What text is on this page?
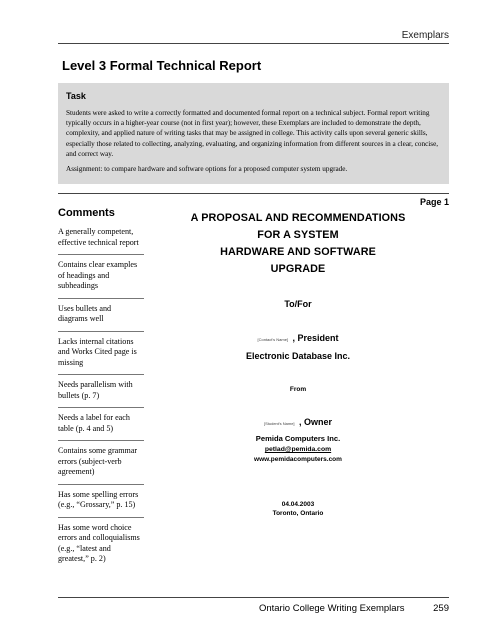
Exemplars
Level 3 Formal Technical Report
Task

Students were asked to write a correctly formatted and documented formal report on a technical subject. Formal report writing typically occurs in a higher-year course (not in first year); however, these Exemplars are included to demonstrate the depth, complexity, and applied nature of writing tasks that may be assigned in college. This activity calls upon several generic skills, especially those related to collecting, analyzing, evaluating, and organizing information from different sources in a clear, concise, and correct way.

Assignment: to compare hardware and software options for a proposed computer system upgrade.

Page 1
Comments

A generally competent, effective technical report

Contains clear examples of headings and subheadings

Uses bullets and diagrams well

Lacks internal citations and Works Cited page is missing

Needs parallelism with bullets (p. 7)

Needs a label for each table (p. 4 and 5)

Contains some grammar errors (subject-verb agreement)

Has some spelling errors (e.g., “Grossary,” p. 15)

Has some word choice errors and colloquialisms (e.g., “latest and greatest,” p. 2)

A PROPOSAL AND RECOMMENDATIONS
FOR A SYSTEM
HARDWARE AND SOFTWARE
UPGRADE
To/For
[Contact's Name] , President
Electronic Database Inc.
From
[Student's Name] , Owner
Pemida Computers Inc.
petlad@pemida.com
www.pemidacomputers.com
04.04.2003
Toronto, Ontario
Ontario College Writing Exemplars	259
